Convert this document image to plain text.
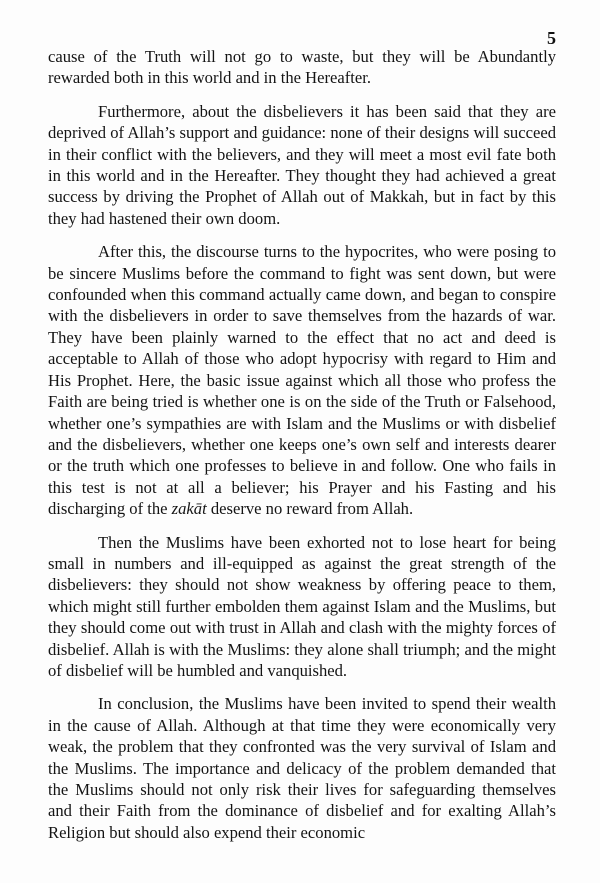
5

cause of the Truth will not go to waste, but they will be Abundantly rewarded both in this world and in the Hereafter.

Furthermore, about the disbelievers it has been said that they are deprived of Allah’s support and guidance: none of their designs will succeed in their conflict with the believers, and they will meet a most evil fate both in this world and in the Hereafter. They thought they had achieved a great success by driving the Prophet of Allah out of Makkah, but in fact by this they had hastened their own doom.

After this, the discourse turns to the hypocrites, who were posing to be sincere Muslims before the command to fight was sent down, but were confounded when this command actually came down, and began to conspire with the disbelievers in order to save themselves from the hazards of war. They have been plainly warned to the effect that no act and deed is acceptable to Allah of those who adopt hypocrisy with regard to Him and His Prophet. Here, the basic issue against which all those who profess the Faith are being tried is whether one is on the side of the Truth or Falsehood, whether one’s sympathies are with Islam and the Muslims or with disbelief and the disbelievers, whether one keeps one’s own self and interests dearer or the truth which one professes to believe in and follow. One who fails in this test is not at all a believer; his Prayer and his Fasting and his discharging of the zakāt deserve no reward from Allah.

Then the Muslims have been exhorted not to lose heart for being small in numbers and ill-equipped as against the great strength of the disbelievers: they should not show weakness by offering peace to them, which might still further embolden them against Islam and the Muslims, but they should come out with trust in Allah and clash with the mighty forces of disbelief. Allah is with the Muslims: they alone shall triumph; and the might of disbelief will be humbled and vanquished.

In conclusion, the Muslims have been invited to spend their wealth in the cause of Allah. Although at that time they were economically very weak, the problem that they confronted was the very survival of Islam and the Muslims. The importance and delicacy of the problem demanded that the Muslims should not only risk their lives for safeguarding themselves and their Faith from the dominance of disbelief and for exalting Allah’s Religion but should also expend their economic
